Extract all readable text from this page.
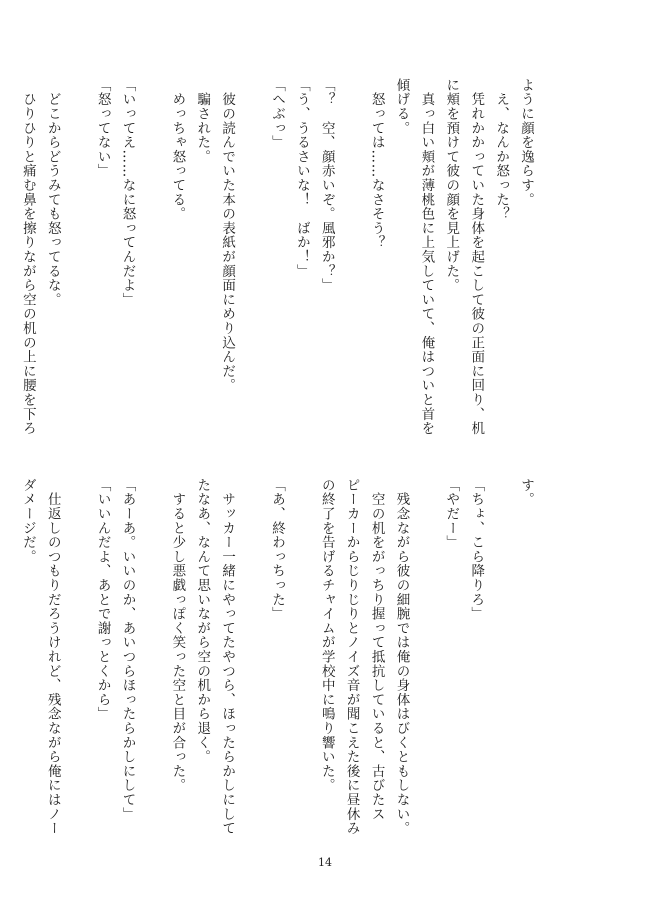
ように顔を逸らす。
　え、なんか怒った？
　凭れかかっていた身体を起こして彼の正面に回り、机
に頬を預けて彼の顔を見上げた。
　真っ白い頬が薄桃色に上気していて、俺はついと首を
傾げる。
　怒っては……なさそう？

「？　空、顔赤いぞ。風邪か？」
「う、うるさいな！　ばか！」
「へぶっ」

　彼の読んでいた本の表紙が顔面にめり込んだ。
　騙された。
　めっちゃ怒ってる。

「いってえ……なに怒ってんだよ」
「怒ってない」

　どこからどうみても怒ってるな。
　ひりひりと痛む鼻を擦りながら空の机の上に腰を下ろ
す。

「ちょ、こら降りろ」
「やだー」

　残念ながら彼の細腕では俺の身体はびくともしない。
　空の机をがっちり握って抵抗していると、古びたス
ピーカーからじりじりとノイズ音が聞こえた後に昼休み
の終了を告げるチャイムが学校中に鳴り響いた。

「あ、終わっちった」

　サッカー一緒にやってたやつら、ほったらかしにして
たなあ、なんて思いながら空の机から退く。
　すると少し悪戯っぽく笑った空と目が合った。

「あーあ。いいのか、あいつらほったらかしにして」
「いいんだよ、あとで謝っとくから」

　仕返しのつもりだろうけれど、残念ながら俺にはノー
ダメージだ。
14
